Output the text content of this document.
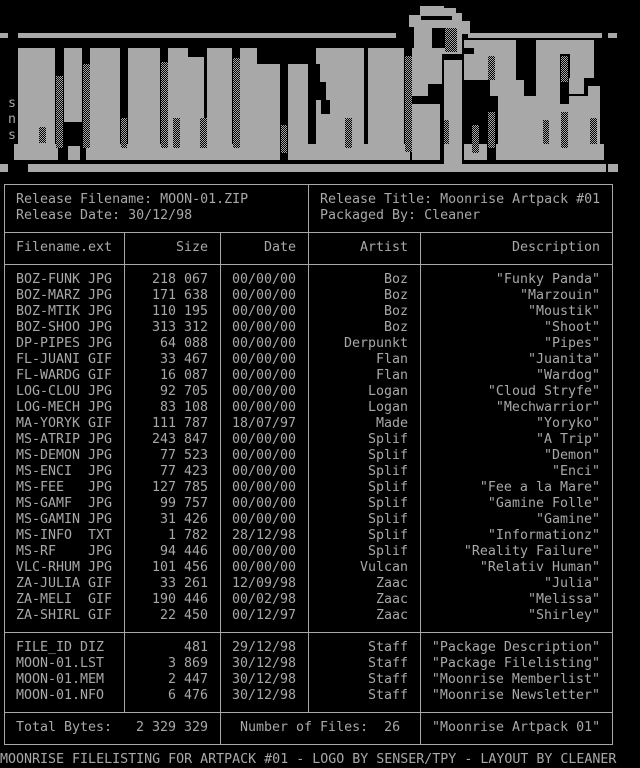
s
n
s
Release Filename: MOON-01.ZIP
Release Date: 30/12/98
Release Title: Moonrise Artpack #01
Packaged By: Cleaner
Filename.ext	Size	Date	Artist	Description
BOZ-FUNK JPG	218 067	00/00/00	Boz	"Funky Panda"
BOZ-MARZ JPG	171 638	00/00/00	Boz	"Marzouin"
BOZ-MTIK JPG	110 195	00/00/00	Boz	"Moustik"
BOZ-SHOO JPG	313 312	00/00/00	Boz	"Shoot"
DP-PIPES JPG	64 088	00/00/00	Derpunkt	"Pipes"
FL-JUANI GIF	33 467	00/00/00	Flan	"Juanita"
FL-WARDG GIF	16 087	00/00/00	Flan	"Wardog"
LOG-CLOU JPG	92 705	00/00/00	Logan	"Cloud Stryfe"
LOG-MECH JPG	83 108	00/00/00	Logan	"Mechwarrior"
MA-YORYK GIF	111 787	18/07/97	Made	"Yoryko"
MS-ATRIP JPG	243 847	00/00/00	Splif	"A Trip"
MS-DEMON JPG	77 523	00/00/00	Splif	"Demon"
MS-ENCI  JPG	77 423	00/00/00	Splif	"Enci"
MS-FEE   JPG	127 785	00/00/00	Splif	"Fee a la Mare"
MS-GAMF  JPG	99 757	00/00/00	Splif	"Gamine Folle"
MS-GAMIN JPG	31 426	00/00/00	Splif	"Gamine"
MS-INFO  TXT	1 782	28/12/98	Splif	"Informationz"
MS-RF    JPG	94 446	00/00/00	Splif	"Reality Failure"
VLC-RHUM JPG	101 456	00/00/00	Vulcan	"Relativ Human"
ZA-JULIA GIF	33 261	12/09/98	Zaac	"Julia"
ZA-MELI  GIF	190 446	00/02/98	Zaac	"Melissa"
ZA-SHIRL GIF	22 450	00/12/97	Zaac	"Shirley"
FILE_ID DIZ	481	29/12/98	Staff	"Package Description"
MOON-01.LST	3 869	30/12/98	Staff	"Package Filelisting"
MOON-01.MEM	2 447	30/12/98	Staff	"Moonrise Memberlist"
MOON-01.NFO	6 476	30/12/98	Staff	"Moonrise Newsletter"
Total Bytes: 2 329 329 Number of Files:  26 "Moonrise Artpack 01"
MOONRISE FILELISTING FOR ARTPACK #01 - LOGO BY SENSER/TPY - LAYOUT BY CLEANER
